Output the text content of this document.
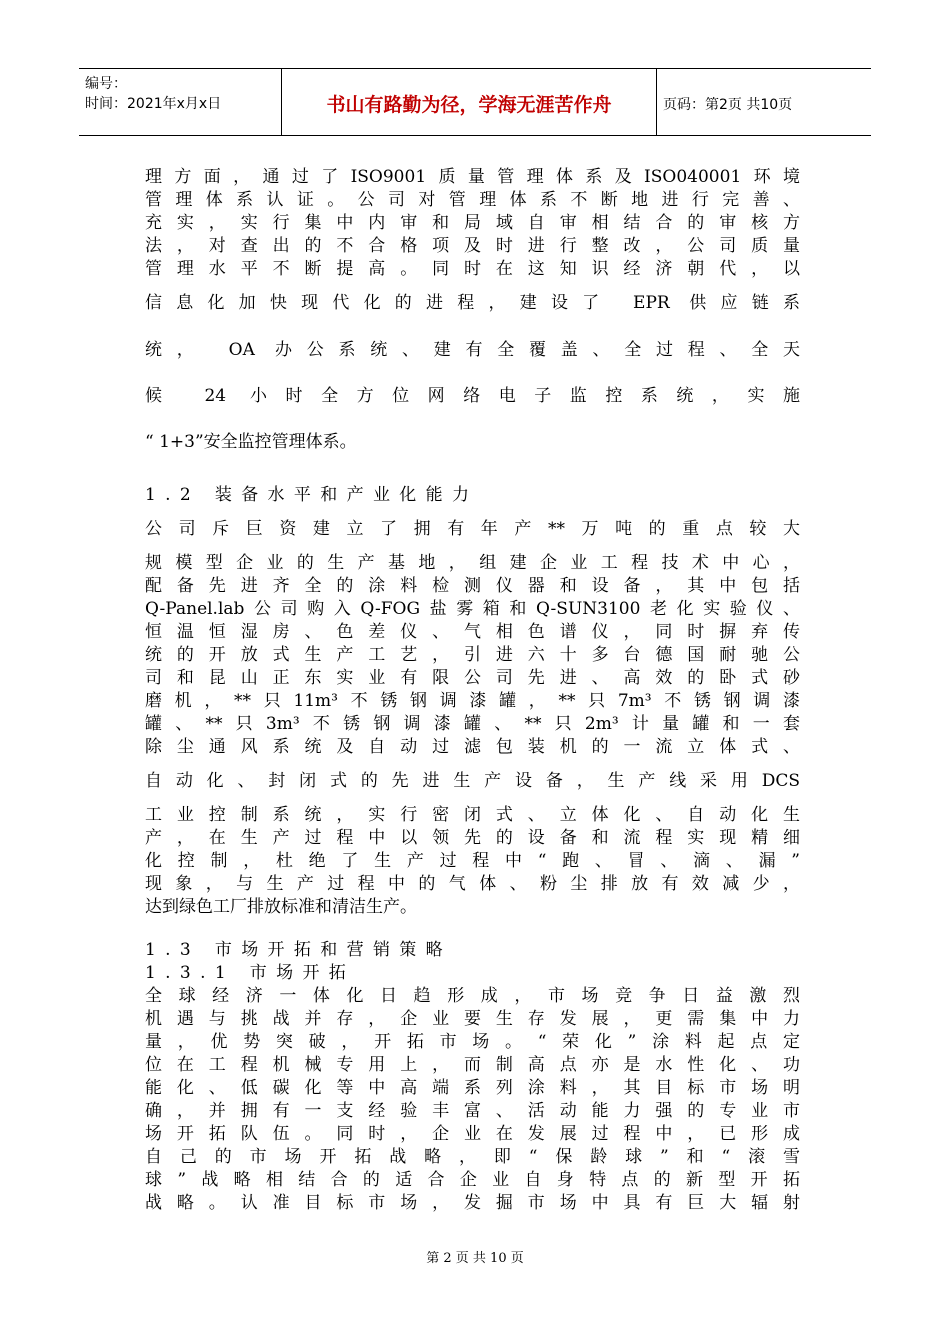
编号：
时间：2021年x月x日	书山有路勤为径，学海无涯苦作舟	页码：第2页 共10页
理方面，通过了ISO9001质量管理体系及ISO040001环境
管理体系认证。公司对管理体系不断地进行完善、
充实，实行集中内审和局域自审相结合的审核方
法，对查出的不合格项及时进行整改，公司质量
管理水平不断提高。同时在这知识经济朝代，以
信息化加快现代化的进程，建设了 EPR 供应链系
统， OA 办公系统、建有全覆盖、全过程、全天
候 24 小时全方位网络电子监控系统，实施
“ 1+3”安全监控管理体系。
1.2 装备水平和产业化能力
公司斥巨资建立了拥有年产**万吨的重点较大
规模型企业的生产基地，组建企业工程技术中心，
配备先进齐全的涂料检测仪器和设备，其中包括
Q-Panel.lab公司购入Q-FOG盐雾箱和Q-SUN3100老化实验仪、
恒温恒湿房、色差仪、气相色谱仪，同时摒弃传
统的开放式生产工艺，引进六十多台德国耐驰公
司和昆山正东实业有限公司先进、高效的卧式砂
磨机，**只11m³不锈钢调漆罐，**只7m³不锈钢调漆
罐、**只3m³不锈钢调漆罐、**只2m³计量罐和一套
除尘通风系统及自动过滤包装机的一流立体式、
自动化、封闭式的先进生产设备，生产线采用DCS
工业控制系统，实行密闭式、立体化、自动化生
产，在生产过程中以领先的设备和流程实现精细
化控制，杜绝了生产过程中“跑、冒、滴、漏”
现象，与生产过程中的气体、粉尘排放有效减少，
达到绿色工厂排放标准和清洁生产。
1.3 市场开拓和营销策略
1.3.1 市场开拓
全球经济一体化日趋形成，市场竞争日益激烈
机遇与挑战并存，企业要生存发展，更需集中力
量，优势突破，开拓市场。“荣化”涂料起点定
位在工程机械专用上，而制高点亦是水性化、功
能化、低碳化等中高端系列涂料，其目标市场明
确，并拥有一支经验丰富、活动能力强的专业市
场开拓队伍。同时，企业在发展过程中，已形成
自己的市场开拓战略，即“保龄球”和“滚雪
球”战略相结合的适合企业自身特点的新型开拓
战略。认准目标市场，发掘市场中具有巨大辐射
第 2 页 共 10 页
